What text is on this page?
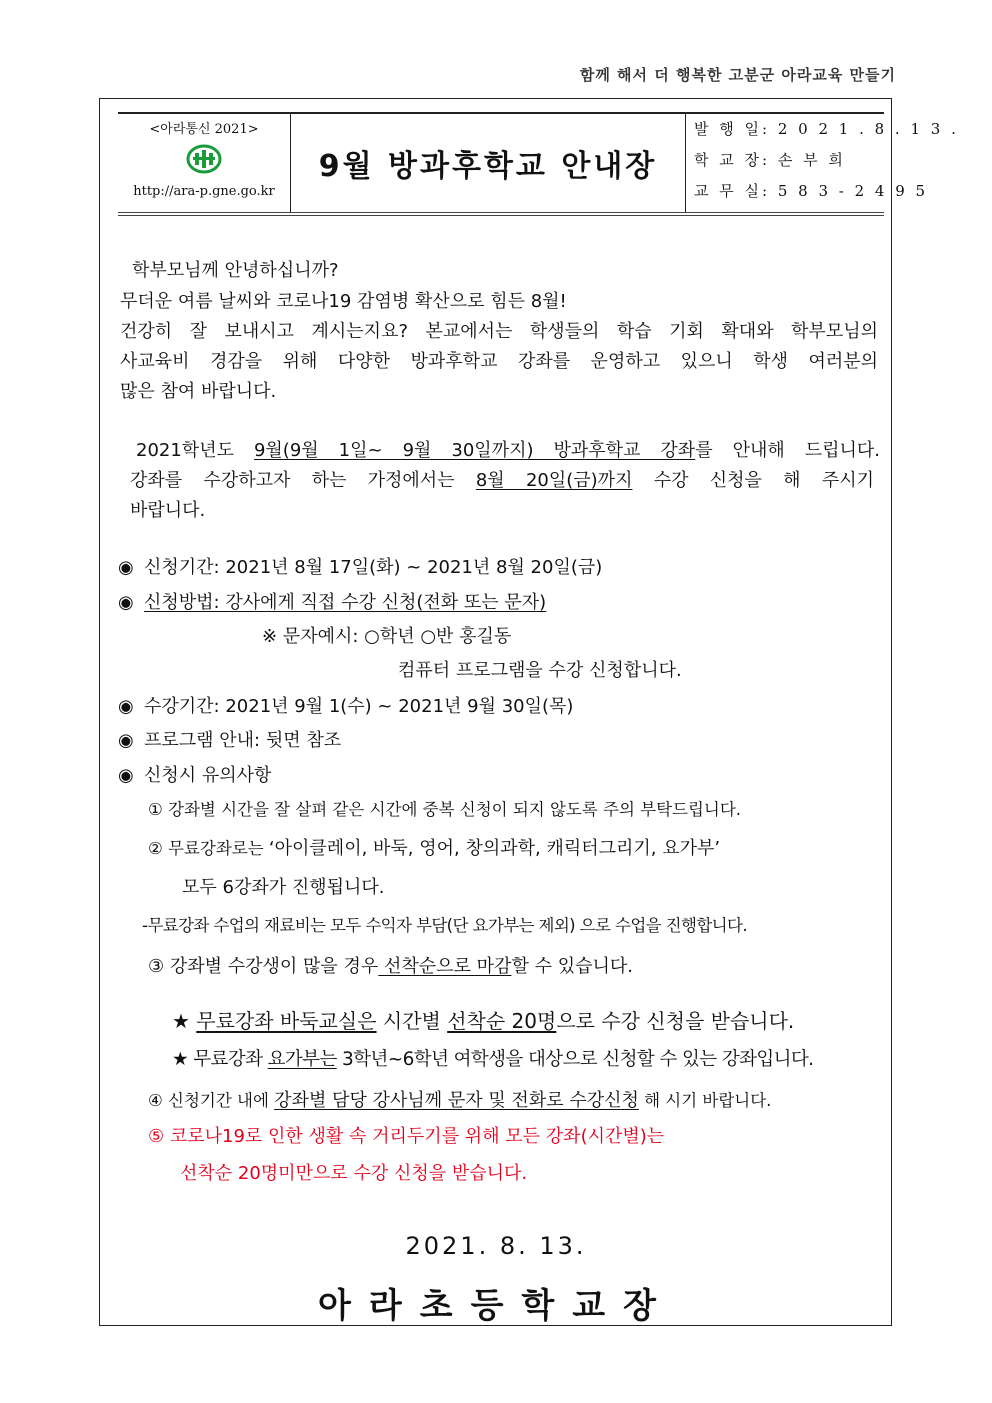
함께 해서 더 행복한 고분군 아라교육 만들기
<아라통신 2021>
http://ara-p.gne.go.kr
9월 방과후학교 안내장
발 행 일: 2 0 2 1 . 8 . 1 3 .
학 교 장: 손 부 희
교 무 실: 5 8 3 - 2 4 9 5
학부모님께 안녕하십니까?
무더운 여름 날씨와 코로나19 감염병 확산으로 힘든 8월!
건강히 잘 보내시고 계시는지요? 본교에서는 학생들의 학습 기회 확대와 학부모님의
사교육비 경감을 위해 다양한 방과후학교 강좌를 운영하고 있으니 학생 여러분의
많은 참여 바랍니다.
2021학년도 9월(9월 1일~ 9월 30일까지) 방과후학교 강좌를 안내해 드립니다.
강좌를 수강하고자 하는 가정에서는 8월 20일(금)까지 수강 신청을 해 주시기
바랍니다.
◉ 신청기간: 2021년 8월 17일(화) ~ 2021년 8월 20일(금)
◉ 신청방법: 강사에게 직접 수강 신청(전화 또는 문자)
※ 문자예시: ○학년 ○반 홍길동
컴퓨터 프로그램을 수강 신청합니다.
◉ 수강기간: 2021년 9월 1(수) ~ 2021년 9월 30일(목)
◉ 프로그램 안내: 뒷면 참조
◉ 신청시 유의사항
① 강좌별 시간을 잘 살펴 같은 시간에 중복 신청이 되지 않도록 주의 부탁드립니다.
② 무료강좌로는 ‘아이클레이, 바둑, 영어, 창의과학, 캐릭터그리기, 요가부’
모두 6강좌가 진행됩니다.
-무료강좌 수업의 재료비는 모두 수익자 부담(단 요가부는 제외) 으로 수업을 진행합니다.
③ 강좌별 수강생이 많을 경우 선착순으로 마감할 수 있습니다.
★ 무료강좌 바둑교실은 시간별 선착순 20명으로 수강 신청을 받습니다.
★ 무료강좌 요가부는 3학년~6학년 여학생을 대상으로 신청할 수 있는 강좌입니다.
④ 신청기간 내에 강좌별 담당 강사님께 문자 및 전화로 수강신청 해 시기 바랍니다.
⑤ 코로나19로 인한 생활 속 거리두기를 위해 모든 강좌(시간별)는
선착순 20명미만으로 수강 신청을 받습니다.
2021. 8. 13.
아라초등학교장
